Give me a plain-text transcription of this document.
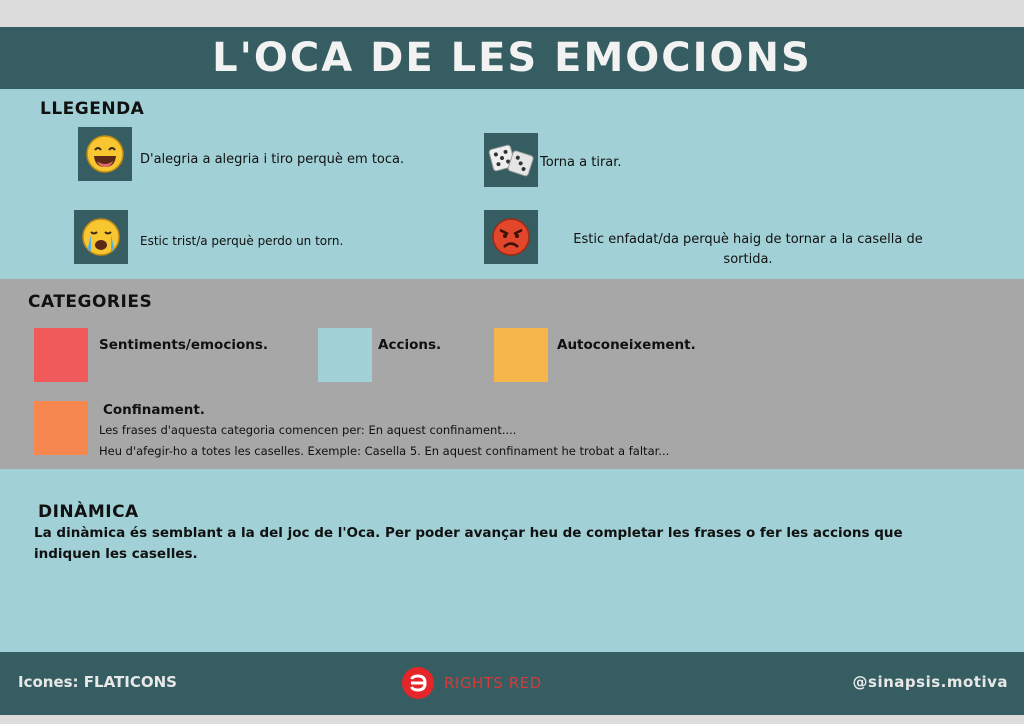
L'OCA DE LES EMOCIONS
LLEGENDA
D'alegria a alegria i tiro perquè em toca.	Torna a tirar.
Estic trist/a perquè perdo un torn.	Estic enfadat/da perquè haig de tornar a la casella de sortida.
CATEGORIES
Sentiments/emocions.	Accions.	Autoconeixement.
Confinament.
Les frases d'aquesta categoria comencen per: En aquest confinament....
Heu d'afegir-ho a totes les caselles. Exemple: Casella 5. En aquest confinament he trobat a faltar...
DINÀMICA
La dinàmica és semblant a la del joc de l'Oca. Per poder avançar heu de completar les frases o fer les accions que
indiquen les caselles.
Icones: FLATICONS	RIGHTS RED	@sinapsis.motiva
